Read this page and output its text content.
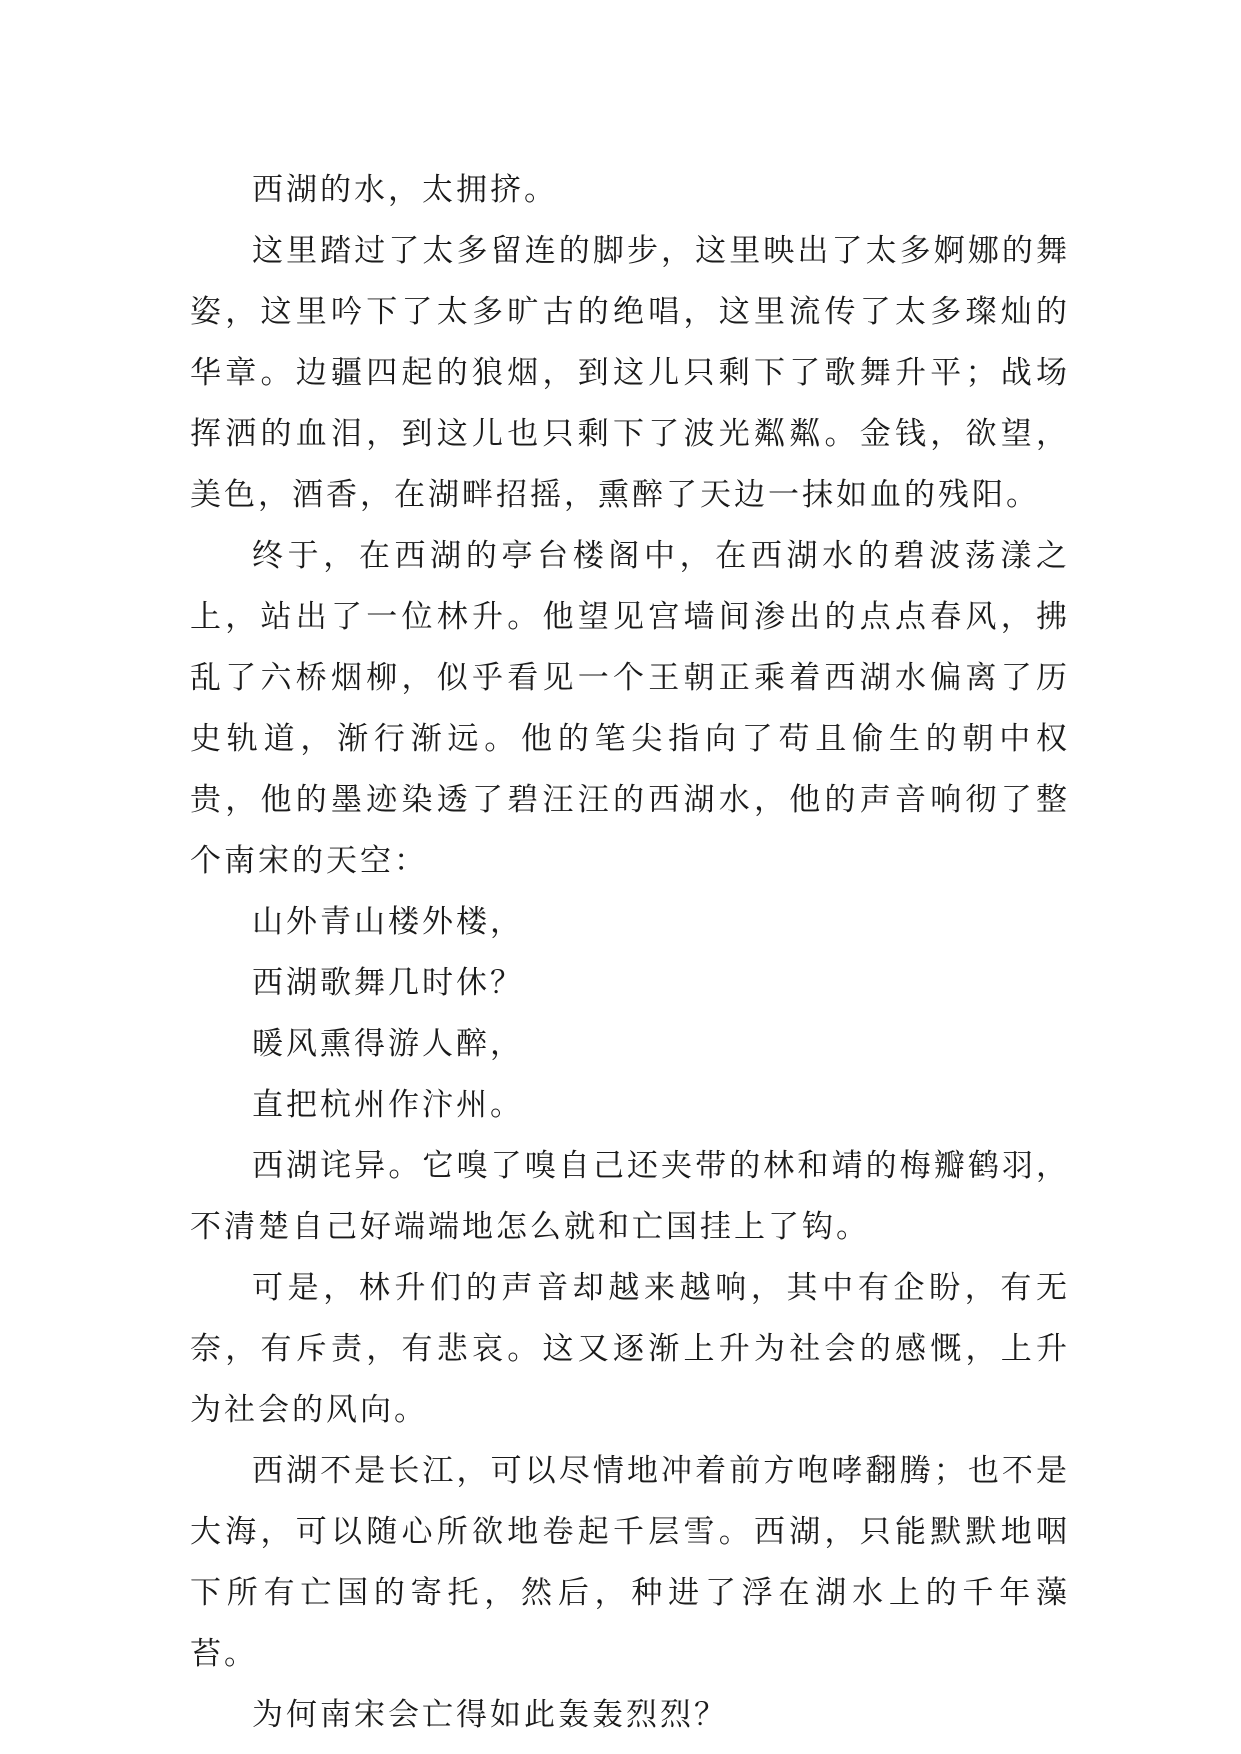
西湖的水，太拥挤。

这里踏过了太多留连的脚步，这里映出了太多婀娜的舞姿，这里吟下了太多旷古的绝唱，这里流传了太多璨灿的华章。边疆四起的狼烟，到这儿只剩下了歌舞升平；战场挥洒的血泪，到这儿也只剩下了波光粼粼。金钱，欲望，美色，酒香，在湖畔招摇，熏醉了天边一抹如血的残阳。

终于，在西湖的亭台楼阁中，在西湖水的碧波荡漾之上，站出了一位林升。他望见宫墙间渗出的点点春风，拂乱了六桥烟柳，似乎看见一个王朝正乘着西湖水偏离了历史轨道，渐行渐远。他的笔尖指向了苟且偷生的朝中权贵，他的墨迹染透了碧汪汪的西湖水，他的声音响彻了整个南宋的天空：

山外青山楼外楼，

西湖歌舞几时休？

暖风熏得游人醉，

直把杭州作汴州。

西湖诧异。它嗅了嗅自己还夹带的林和靖的梅瓣鹤羽，不清楚自己好端端地怎么就和亡国挂上了钩。

可是，林升们的声音却越来越响，其中有企盼，有无奈，有斥责，有悲哀。这又逐渐上升为社会的感慨，上升为社会的风向。

西湖不是长江，可以尽情地冲着前方咆哮翻腾；也不是大海，可以随心所欲地卷起千层雪。西湖，只能默默地咽下所有亡国的寄托，然后，种进了浮在湖水上的千年藻苔。

为何南宋会亡得如此轰轰烈烈？
